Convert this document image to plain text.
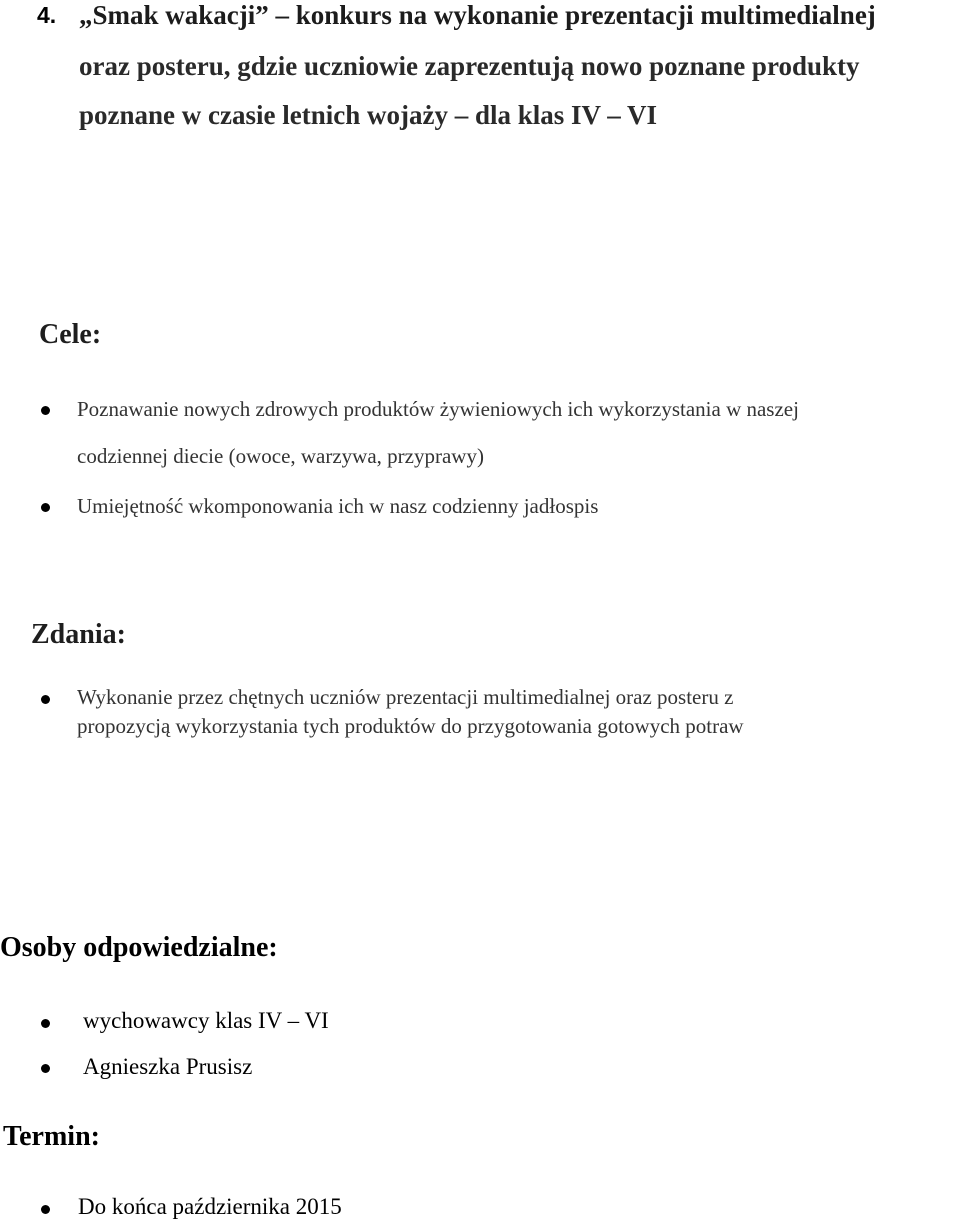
4. „Smak wakacji” – konkurs na wykonanie prezentacji multimedialnej
oraz posteru, gdzie uczniowie zaprezentują nowo poznane produkty
poznane w czasie letnich wojaży – dla klas IV – VI
Cele:
Poznawanie nowych zdrowych produktów żywieniowych ich wykorzystania w naszej
codziennej diecie (owoce, warzywa, przyprawy)
Umiejętność wkomponowania ich w nasz codzienny jadłospis
Zdania:
Wykonanie przez chętnych uczniów prezentacji multimedialnej oraz posteru z
propozycją wykorzystania tych produktów do przygotowania gotowych potraw
Osoby odpowiedzialne:
wychowawcy klas IV – VI
Agnieszka Prusisz
Termin:
Do końca października 2015
